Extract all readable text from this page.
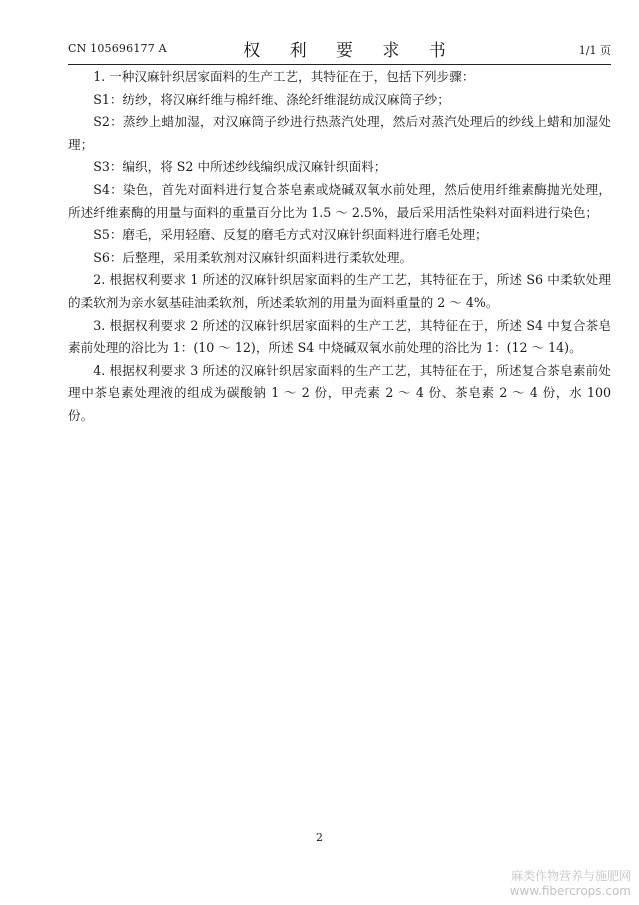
CN 105696177 A	权 利 要 求 书	1/1 页

1. 一种汉麻针织居家面料的生产工艺，其特征在于，包括下列步骤：

S1：纺纱，将汉麻纤维与棉纤维、涤纶纤维混纺成汉麻筒子纱；

S2：蒸纱上蜡加湿，对汉麻筒子纱进行热蒸汽处理，然后对蒸汽处理后的纱线上蜡和加湿处理；

S3：编织，将 S2 中所述纱线编织成汉麻针织面料；

S4：染色，首先对面料进行复合茶皂素或烧碱双氧水前处理，然后使用纤维素酶抛光处理，所述纤维素酶的用量与面料的重量百分比为 1.5 ～ 2.5%，最后采用活性染料对面料进行染色；

S5：磨毛，采用轻磨、反复的磨毛方式对汉麻针织面料进行磨毛处理；

S6：后整理，采用柔软剂对汉麻针织面料进行柔软处理。

2. 根据权利要求 1 所述的汉麻针织居家面料的生产工艺，其特征在于，所述 S6 中柔软处理的柔软剂为亲水氨基硅油柔软剂，所述柔软剂的用量为面料重量的 2 ～ 4%。

3. 根据权利要求 2 所述的汉麻针织居家面料的生产工艺，其特征在于，所述 S4 中复合茶皂素前处理的浴比为 1：(10 ～ 12)，所述 S4 中烧碱双氧水前处理的浴比为 1：(12 ～ 14)。

4. 根据权利要求 3 所述的汉麻针织居家面料的生产工艺，其特征在于，所述复合茶皂素前处理中茶皂素处理液的组成为碳酸钠 1 ～ 2 份，甲壳素 2 ～ 4 份、茶皂素 2 ～ 4 份，水 100 份。

2
麻类作物营养与施肥网
www.fibercrops.com
